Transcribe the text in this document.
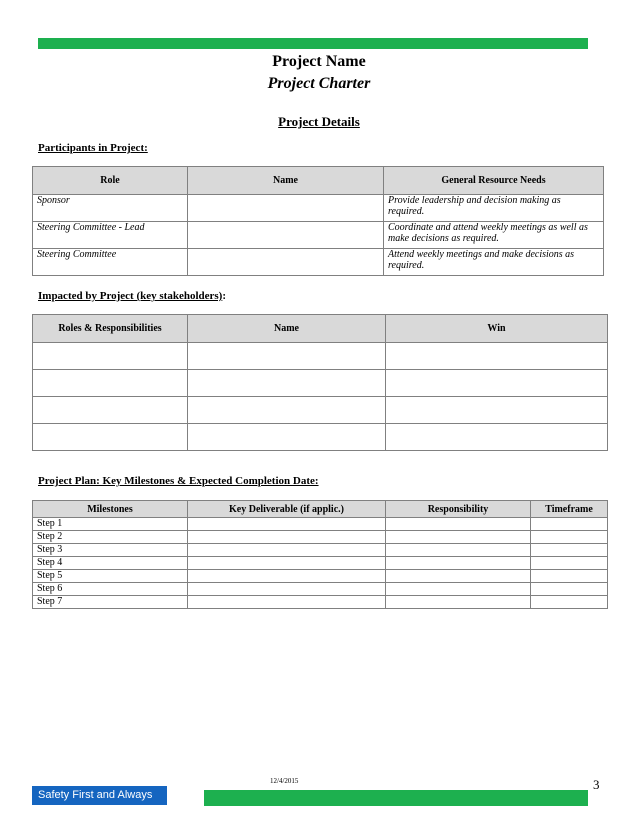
Project Name
Project Charter
Project Details
Participants in Project:
Role	Name	General Resource Needs
Sponsor		Provide leadership and decision making as required.
Steering Committee - Lead		Coordinate and attend weekly meetings as well as make decisions as required.
Steering Committee		Attend weekly meetings and make decisions as required.
Impacted by Project (key stakeholders):
Roles & Responsibilities	Name	Win

Project Plan: Key Milestones & Expected Completion Date:
Milestones	Key Deliverable (if applic.)	Responsibility	Timeframe
Step 1			
Step 2			
Step 3			
Step 4			
Step 5			
Step 6			
Step 7			
12/4/2015	3
Safety First and Always
